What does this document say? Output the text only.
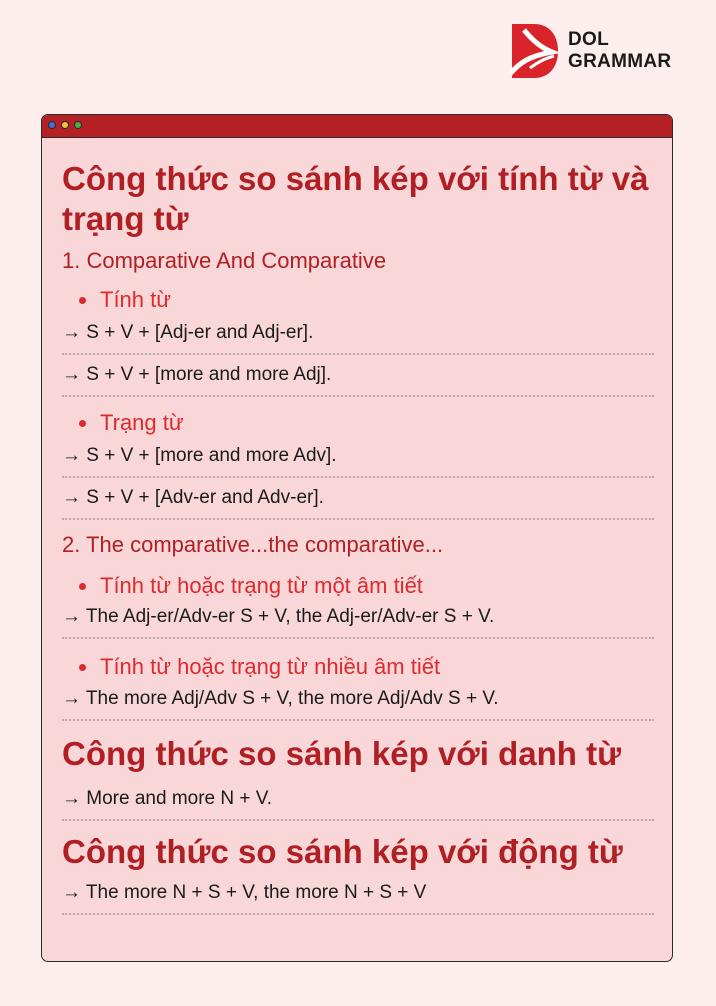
DOL
GRAMMAR
Công thức so sánh kép với tính từ và trạng từ
1. Comparative And Comparative
Tính từ
→ S + V + [Adj-er and Adj-er].
→ S + V + [more and more Adj].
Trạng từ
→ S + V + [more and more Adv].
→ S + V + [Adv-er and Adv-er].
2. The comparative...the comparative...
Tính từ hoặc trạng từ một âm tiết
→ The Adj-er/Adv-er S + V, the Adj-er/Adv-er S + V.
Tính từ hoặc trạng từ nhiều âm tiết
→ The more Adj/Adv S + V, the more Adj/Adv S + V.
Công thức so sánh kép với danh từ
→ More and more N + V.
Công thức so sánh kép với động từ
→ The more N + S + V, the more N + S + V
